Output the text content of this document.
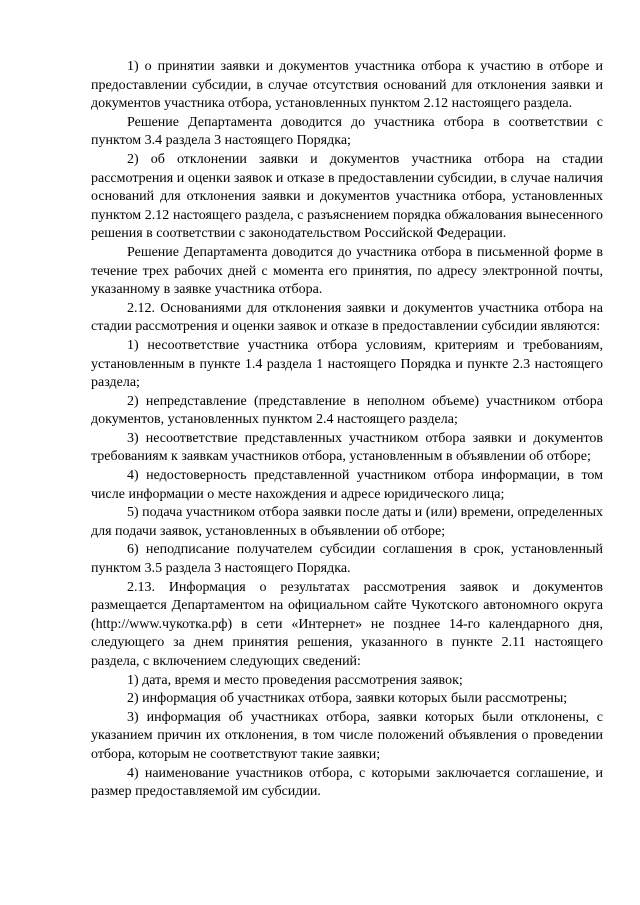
1) о принятии заявки и документов участника отбора к участию в отборе и предоставлении субсидии, в случае отсутствия оснований для отклонения заявки и документов участника отбора, установленных пунктом 2.12 настоящего раздела.

Решение Департамента доводится до участника отбора в соответствии с пунктом 3.4 раздела 3 настоящего Порядка;

2) об отклонении заявки и документов участника отбора на стадии рассмотрения и оценки заявок и отказе в предоставлении субсидии, в случае наличия оснований для отклонения заявки и документов участника отбора, установленных пунктом 2.12 настоящего раздела, с разъяснением порядка обжалования вынесенного решения в соответствии с законодательством Российской Федерации.

Решение Департамента доводится до участника отбора в письменной форме в течение трех рабочих дней с момента его принятия, по адресу электронной почты, указанному в заявке участника отбора.

2.12. Основаниями для отклонения заявки и документов участника отбора на стадии рассмотрения и оценки заявок и отказе в предоставлении субсидии являются:

1) несоответствие участника отбора условиям, критериям и требованиям, установленным в пункте 1.4 раздела 1 настоящего Порядка и пункте 2.3 настоящего раздела;

2) непредставление (представление в неполном объеме) участником отбора документов, установленных пунктом 2.4 настоящего раздела;

3) несоответствие представленных участником отбора заявки и документов требованиям к заявкам участников отбора, установленным в объявлении об отборе;

4) недостоверность представленной участником отбора информации, в том числе информации о месте нахождения и адресе юридического лица;

5) подача участником отбора заявки после даты и (или) времени, определенных для подачи заявок, установленных в объявлении об отборе;

6) неподписание получателем субсидии соглашения в срок, установленный пунктом 3.5 раздела 3 настоящего Порядка.

2.13. Информация о результатах рассмотрения заявок и документов размещается Департаментом на официальном сайте Чукотского автономного округа (http://www.чукотка.рф) в сети «Интернет» не позднее 14-го календарного дня, следующего за днем принятия решения, указанного в пункте 2.11 настоящего раздела, с включением следующих сведений:

1) дата, время и место проведения рассмотрения заявок;

2) информация об участниках отбора, заявки которых были рассмотрены;

3) информация об участниках отбора, заявки которых были отклонены, с указанием причин их отклонения, в том числе положений объявления о проведении отбора, которым не соответствуют такие заявки;

4) наименование участников отбора, с которыми заключается соглашение, и размер предоставляемой им субсидии.
